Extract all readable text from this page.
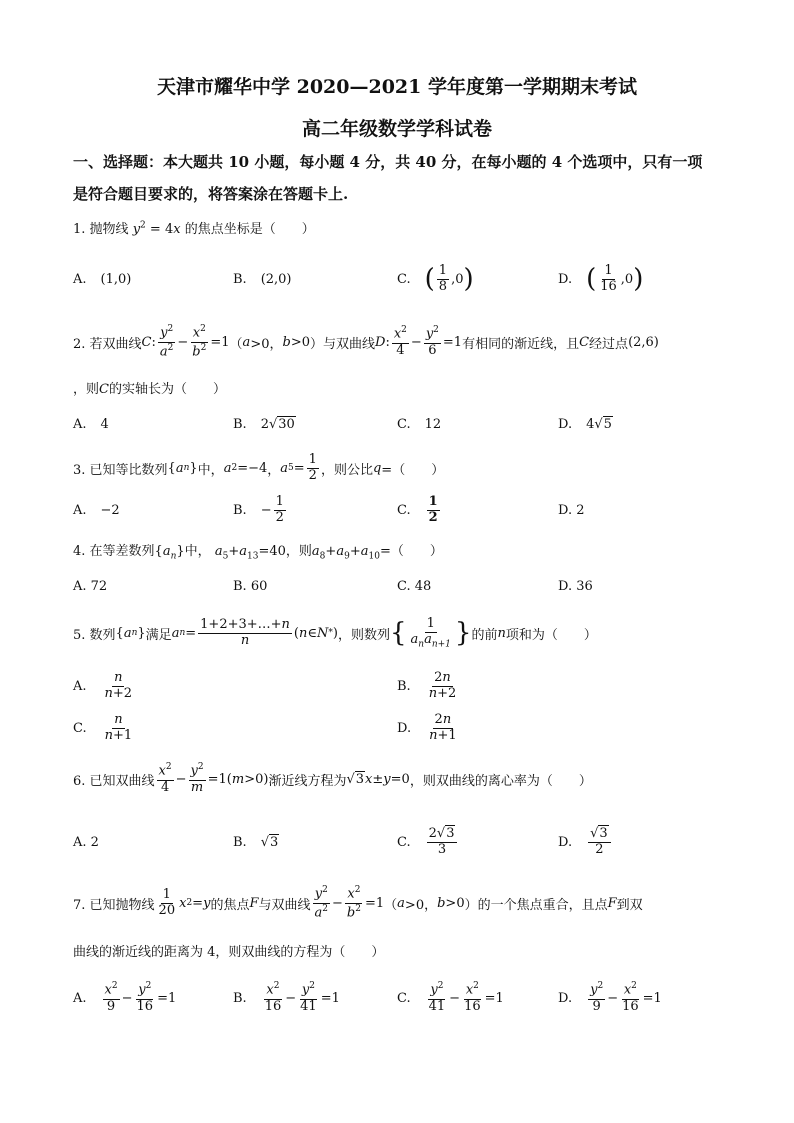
天津市耀华中学 2020—2021 学年度第一学期期末考试
高二年级数学学科试卷
一、选择题：本大题共 10 小题，每小题 4 分，共 40 分，在每小题的 4 个选项中，只有一项
是符合题目要求的，将答案涂在答题卡上.
1. 抛物线 $y^2 = 4x$ 的焦点坐标是（　　）
A. (1,0)	B. (2,0)	C. ( 1
8 ,0 )	D. ( 1
16 ,0 )
2. 若双曲线 C :
$y^2$
$a^2$ −
$x^2$
$b^2 =1$ （ a >0， b >0 ）与双曲线 D :
$x^2$
4
−
$y^2$
6
=1 有相同的渐近线，且 C 经过点 (2,6)
，则C的实轴长为（　　）
A. 4	B. 2√ 30	C. 12	D. 4√ 5
3. 已知等比数列 { a n } 中， a 2 =−4 ， a 5 =
1
2 ，则公比 q =（　　）
A. −2	B. −
1
2	C.
1
2	D. 2
4. 在等差数列$\{a_n\}$中， $a_5+a_{13}=40$，则$a_8+a_9+a_{10}=$（　　）
A. 72	B. 60	C. 48	D. 36
5. 数列 { a n } 满足 a n =
1+2+3+…+n
n	( n ∈ N * ) ，则数列 { 1
$a_na_{n+1}$ } 的前 n 项和为（　　）
A.
n
n+2	B.
2n
n+2
C.
n
n+1	D.
2n
n+1
6. 已知双曲线
$x^2$
4
−
$y^2$
m
=1( m >0) 渐近线方程为 √ 3 x ± y =0 ，则双曲线的离心率为（　　）
A. 2	B. √ 3	C.
2√3
3	D.
√3
2
7. 已知抛物线
1
20 x 2 = y 的焦点 F 与双曲线
$y^2$
$a^2$ −
$x^2$
$b^2 =1$ （ a >0， b >0 ）的一个焦点重合，且点 F 到双
曲线的渐近线的距离为 4，则双曲线的方程为（　　）
A.
$x^2$
9
−
$y^2$
16
=1	B.
$x^2$
16
−
$y^2$
41
=1	C.
$y^2$
41
−
$x^2$
16
=1	D.
$y^2$
9
−
$x^2$
16
=1
